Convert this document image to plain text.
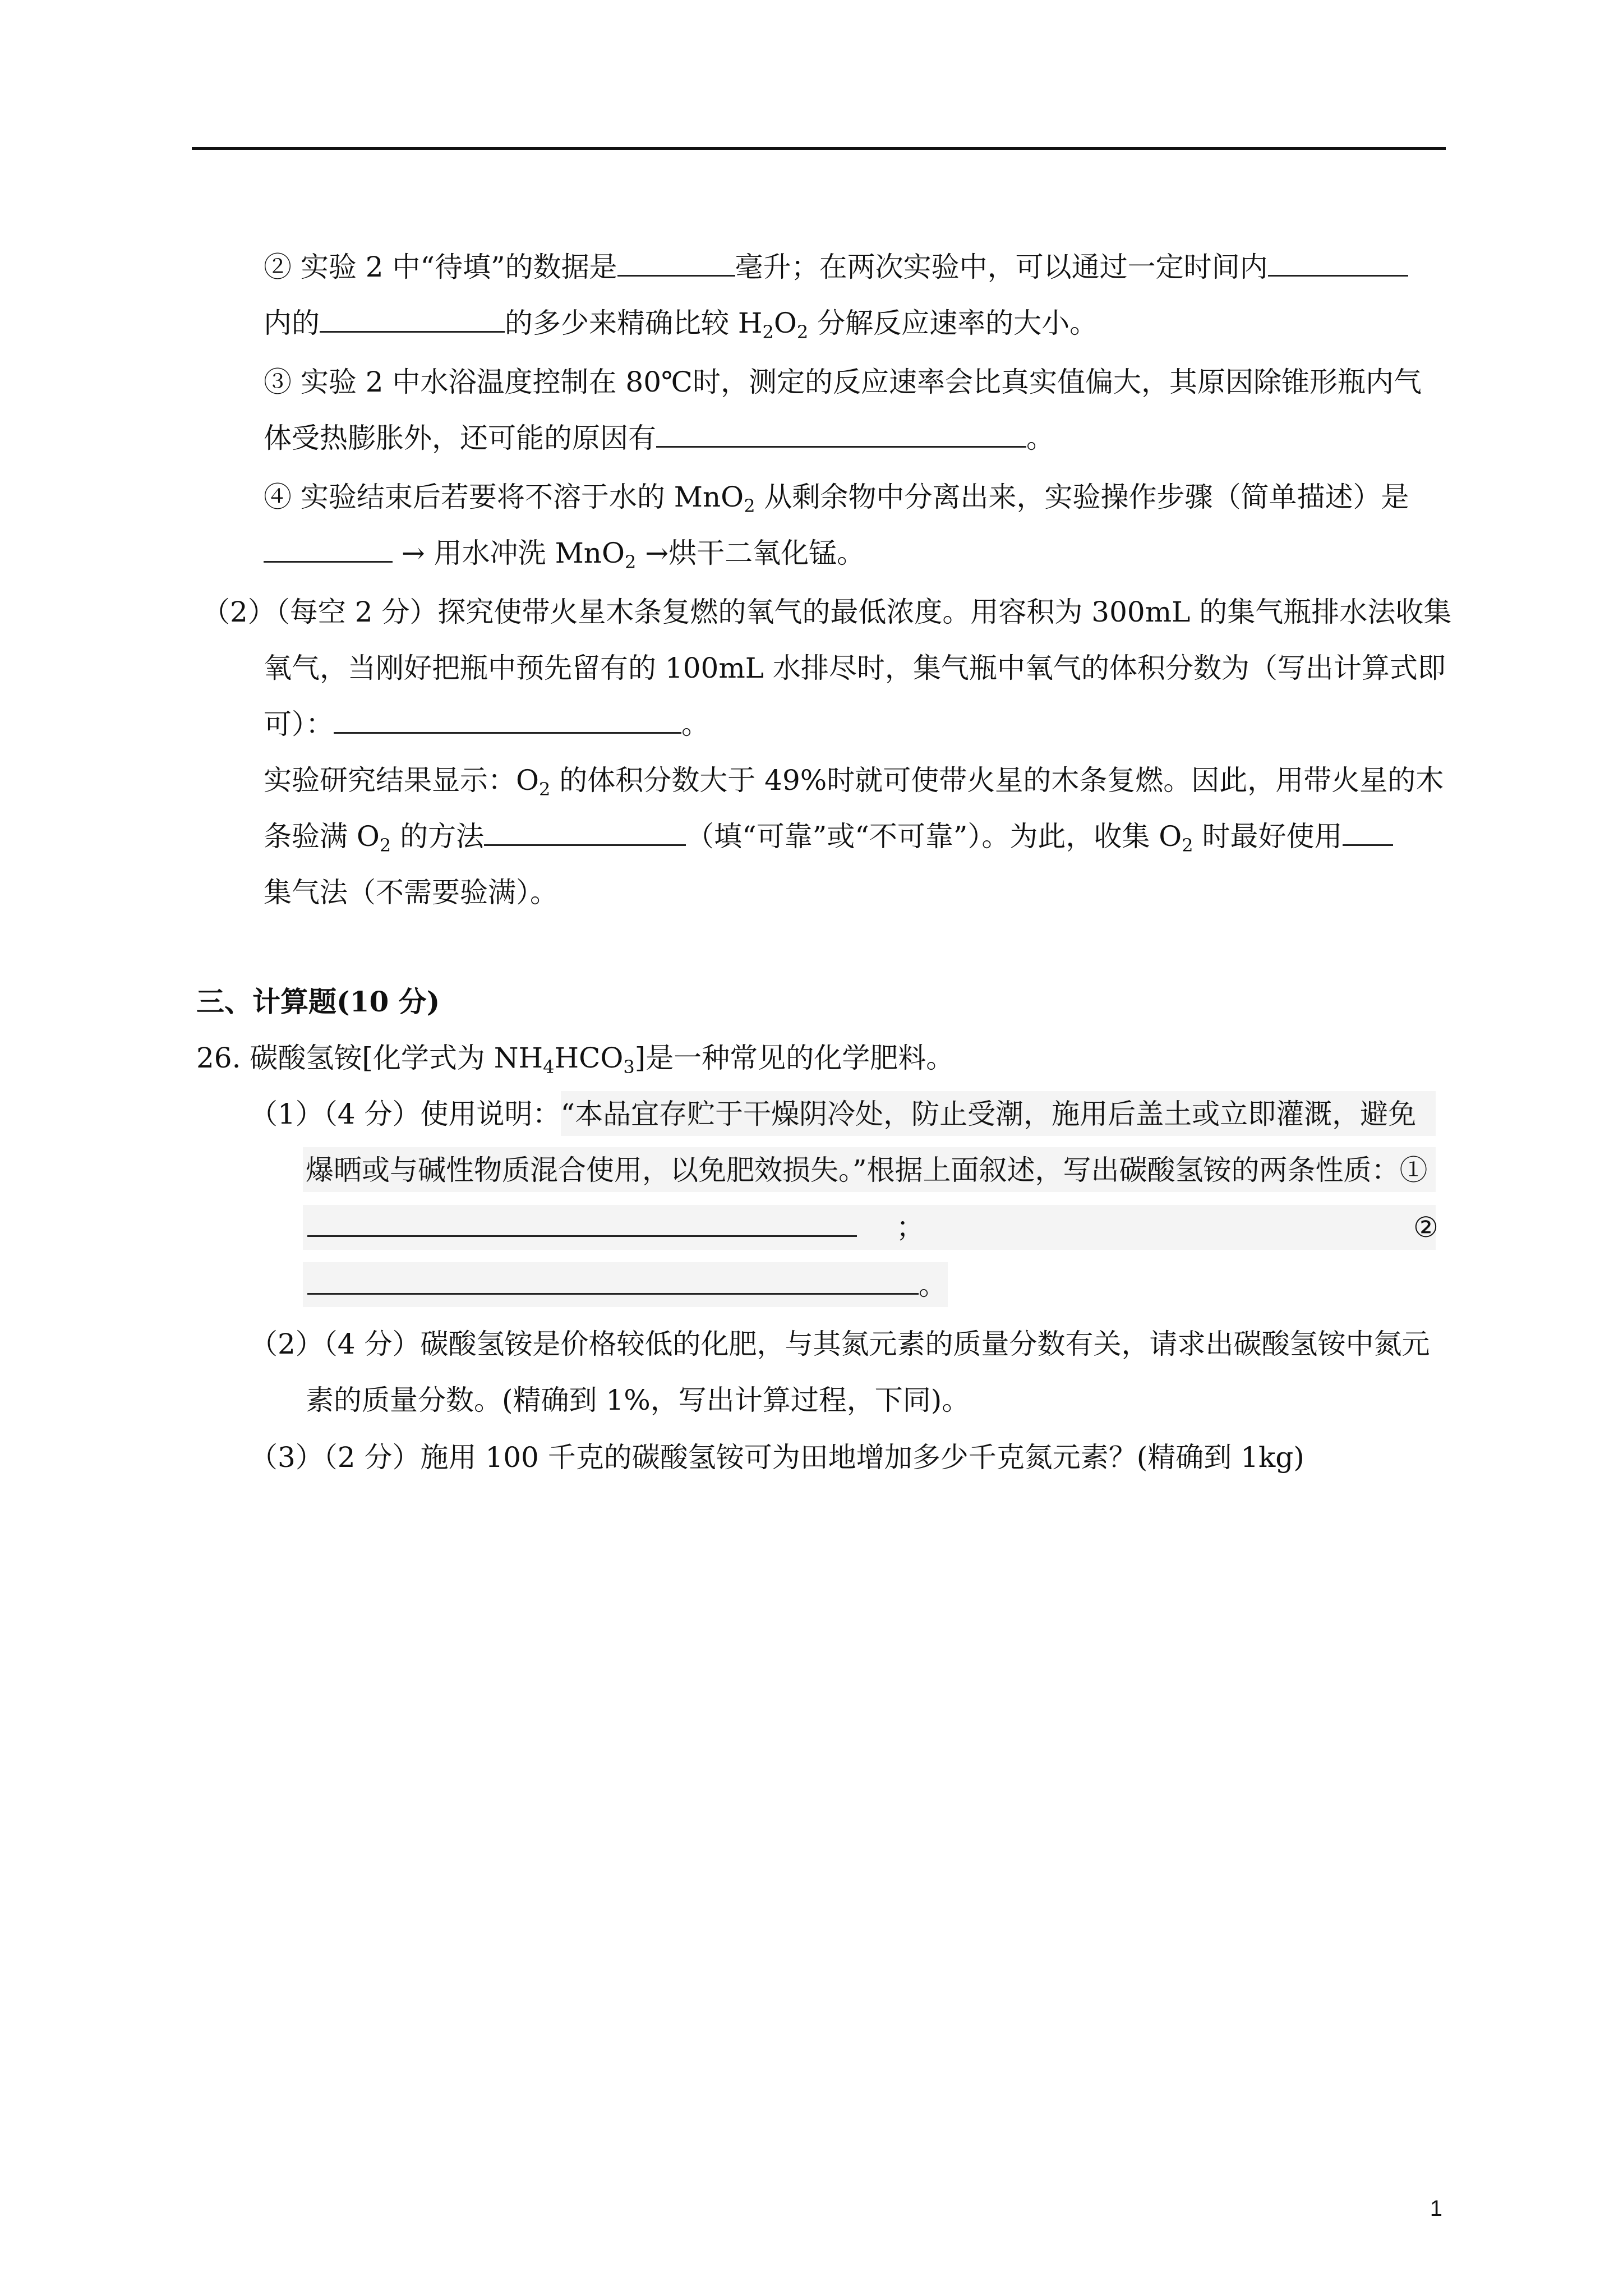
② 实验 2 中“待填”的数据是	毫升；在两次实验中，可以通过一定时间内
内的	的多少来精确比较 $H_2O_2$ 分解反应速率的大小。
③ 实验 2 中水浴温度控制在 80℃时，测定的反应速率会比真实值偏大，其原因除锥形瓶内气
体受热膨胀外，还可能的原因有	。
④ 实验结束后若要将不溶于水的 MnO$_2$ 从剩余物中分离出来，实验操作步骤（简单描述）是
→ 用水冲洗 MnO$_2$ →烘干二氧化锰。
（2）（每空 2 分）探究使带火星木条复燃的氧气的最低浓度。用容积为 300mL 的集气瓶排水法收集
氧气，当刚好把瓶中预先留有的 100mL 水排尽时，集气瓶中氧气的体积分数为（写出计算式即
可）：	。
实验研究结果显示：$O_2$ 的体积分数大于 49%时就可使带火星的木条复燃。因此，用带火星的木
条验满 $O_2$ 的方法	（填“可靠”或“不可靠”）。为此，收集 $O_2$ 时最好使用
集气法（不需要验满）。
三、计算题(10 分)
26. 碳酸氢铵[化学式为 $NH_4HCO_3$]是一种常见的化学肥料。
（1）（4 分）使用说明：“本品宜存贮于干燥阴冷处，防止受潮，施用后盖土或立即灌溉，避免
爆晒或与碱性物质混合使用，以免肥效损失。”根据上面叙述，写出碳酸氢铵的两条性质：①
；	②
。
（2）（4 分）碳酸氢铵是价格较低的化肥，与其氮元素的质量分数有关，请求出碳酸氢铵中氮元
素的质量分数。(精确到 1%，写出计算过程，下同)。
（3）（2 分）施用 100 千克的碳酸氢铵可为田地增加多少千克氮元素？(精确到 1kg)
1
